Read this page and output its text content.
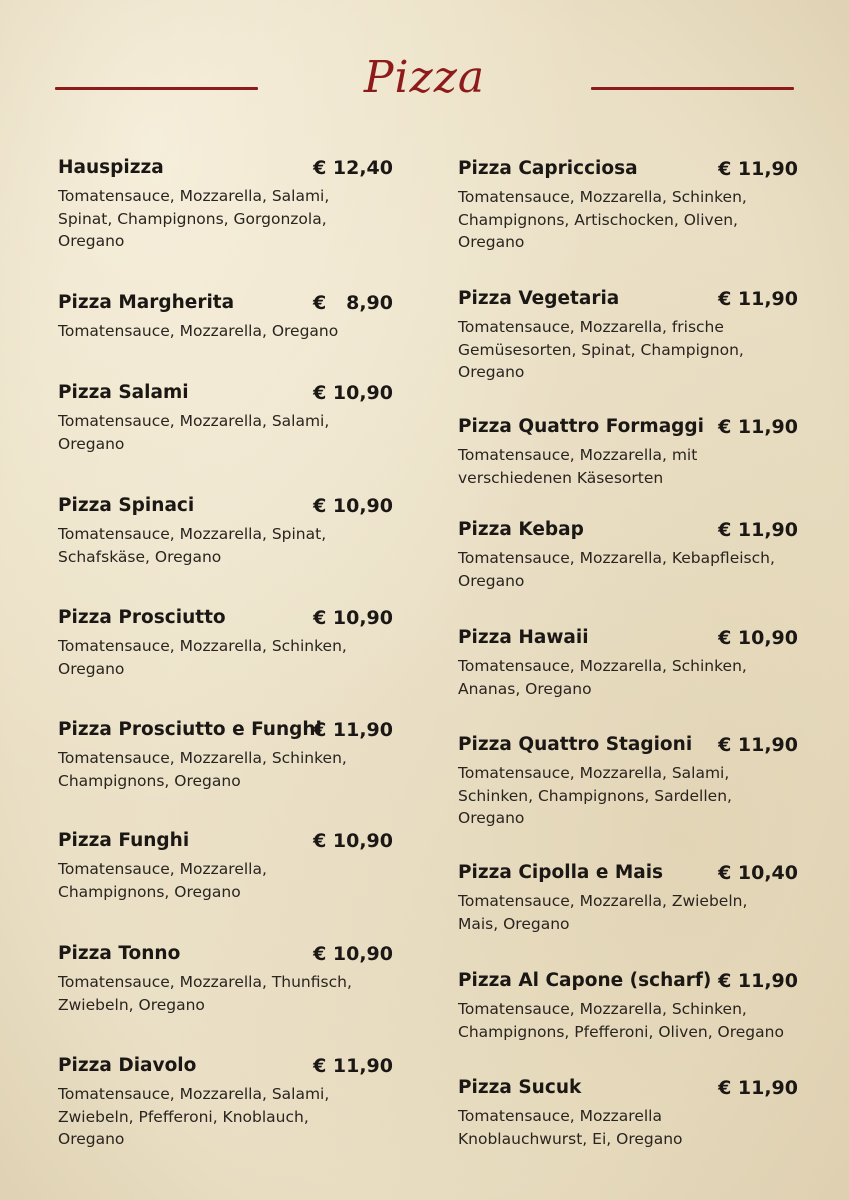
Pizza
Hauspizza	€ 12,40
Tomatensauce, Mozzarella, Salami,
Spinat, Champignons, Gorgonzola,
Oregano
Pizza Margherita	€   8,90
Tomatensauce, Mozzarella, Oregano
Pizza Salami	€ 10,90
Tomatensauce, Mozzarella, Salami,
Oregano
Pizza Spinaci	€ 10,90
Tomatensauce, Mozzarella, Spinat,
Schafskäse, Oregano
Pizza Prosciutto	€ 10,90
Tomatensauce, Mozzarella, Schinken,
Oregano
Pizza Prosciutto e Funghi
€ 11,90
Tomatensauce, Mozzarella, Schinken,
Champignons, Oregano
Pizza Funghi	€ 10,90
Tomatensauce, Mozzarella,
Champignons, Oregano
Pizza Tonno	€ 10,90
Tomatensauce, Mozzarella, Thunfisch,
Zwiebeln, Oregano
Pizza Diavolo	€ 11,90
Tomatensauce, Mozzarella, Salami,
Zwiebeln, Pfefferoni, Knoblauch,
Oregano
Pizza Capricciosa	€ 11,90
Tomatensauce, Mozzarella, Schinken,
Champignons, Artischocken, Oliven,
Oregano
Pizza Vegetaria	€ 11,90
Tomatensauce, Mozzarella, frische
Gemüsesorten, Spinat, Champignon,
Oregano
Pizza Quattro Formaggi € 11,90
Tomatensauce, Mozzarella, mit
verschiedenen Käsesorten
Pizza Kebap	€ 11,90
Tomatensauce, Mozzarella, Kebapfleisch,
Oregano
Pizza Hawaii	€ 10,90
Tomatensauce, Mozzarella, Schinken,
Ananas, Oregano
Pizza Quattro Stagioni € 11,90
Tomatensauce, Mozzarella, Salami,
Schinken, Champignons, Sardellen,
Oregano
Pizza Cipolla e Mais	€ 10,40
Tomatensauce, Mozzarella, Zwiebeln,
Mais, Oregano
Pizza Al Capone (scharf) € 11,90
Tomatensauce, Mozzarella, Schinken,
Champignons, Pfefferoni, Oliven, Oregano
Pizza Sucuk	€ 11,90
Tomatensauce, Mozzarella
Knoblauchwurst, Ei, Oregano
